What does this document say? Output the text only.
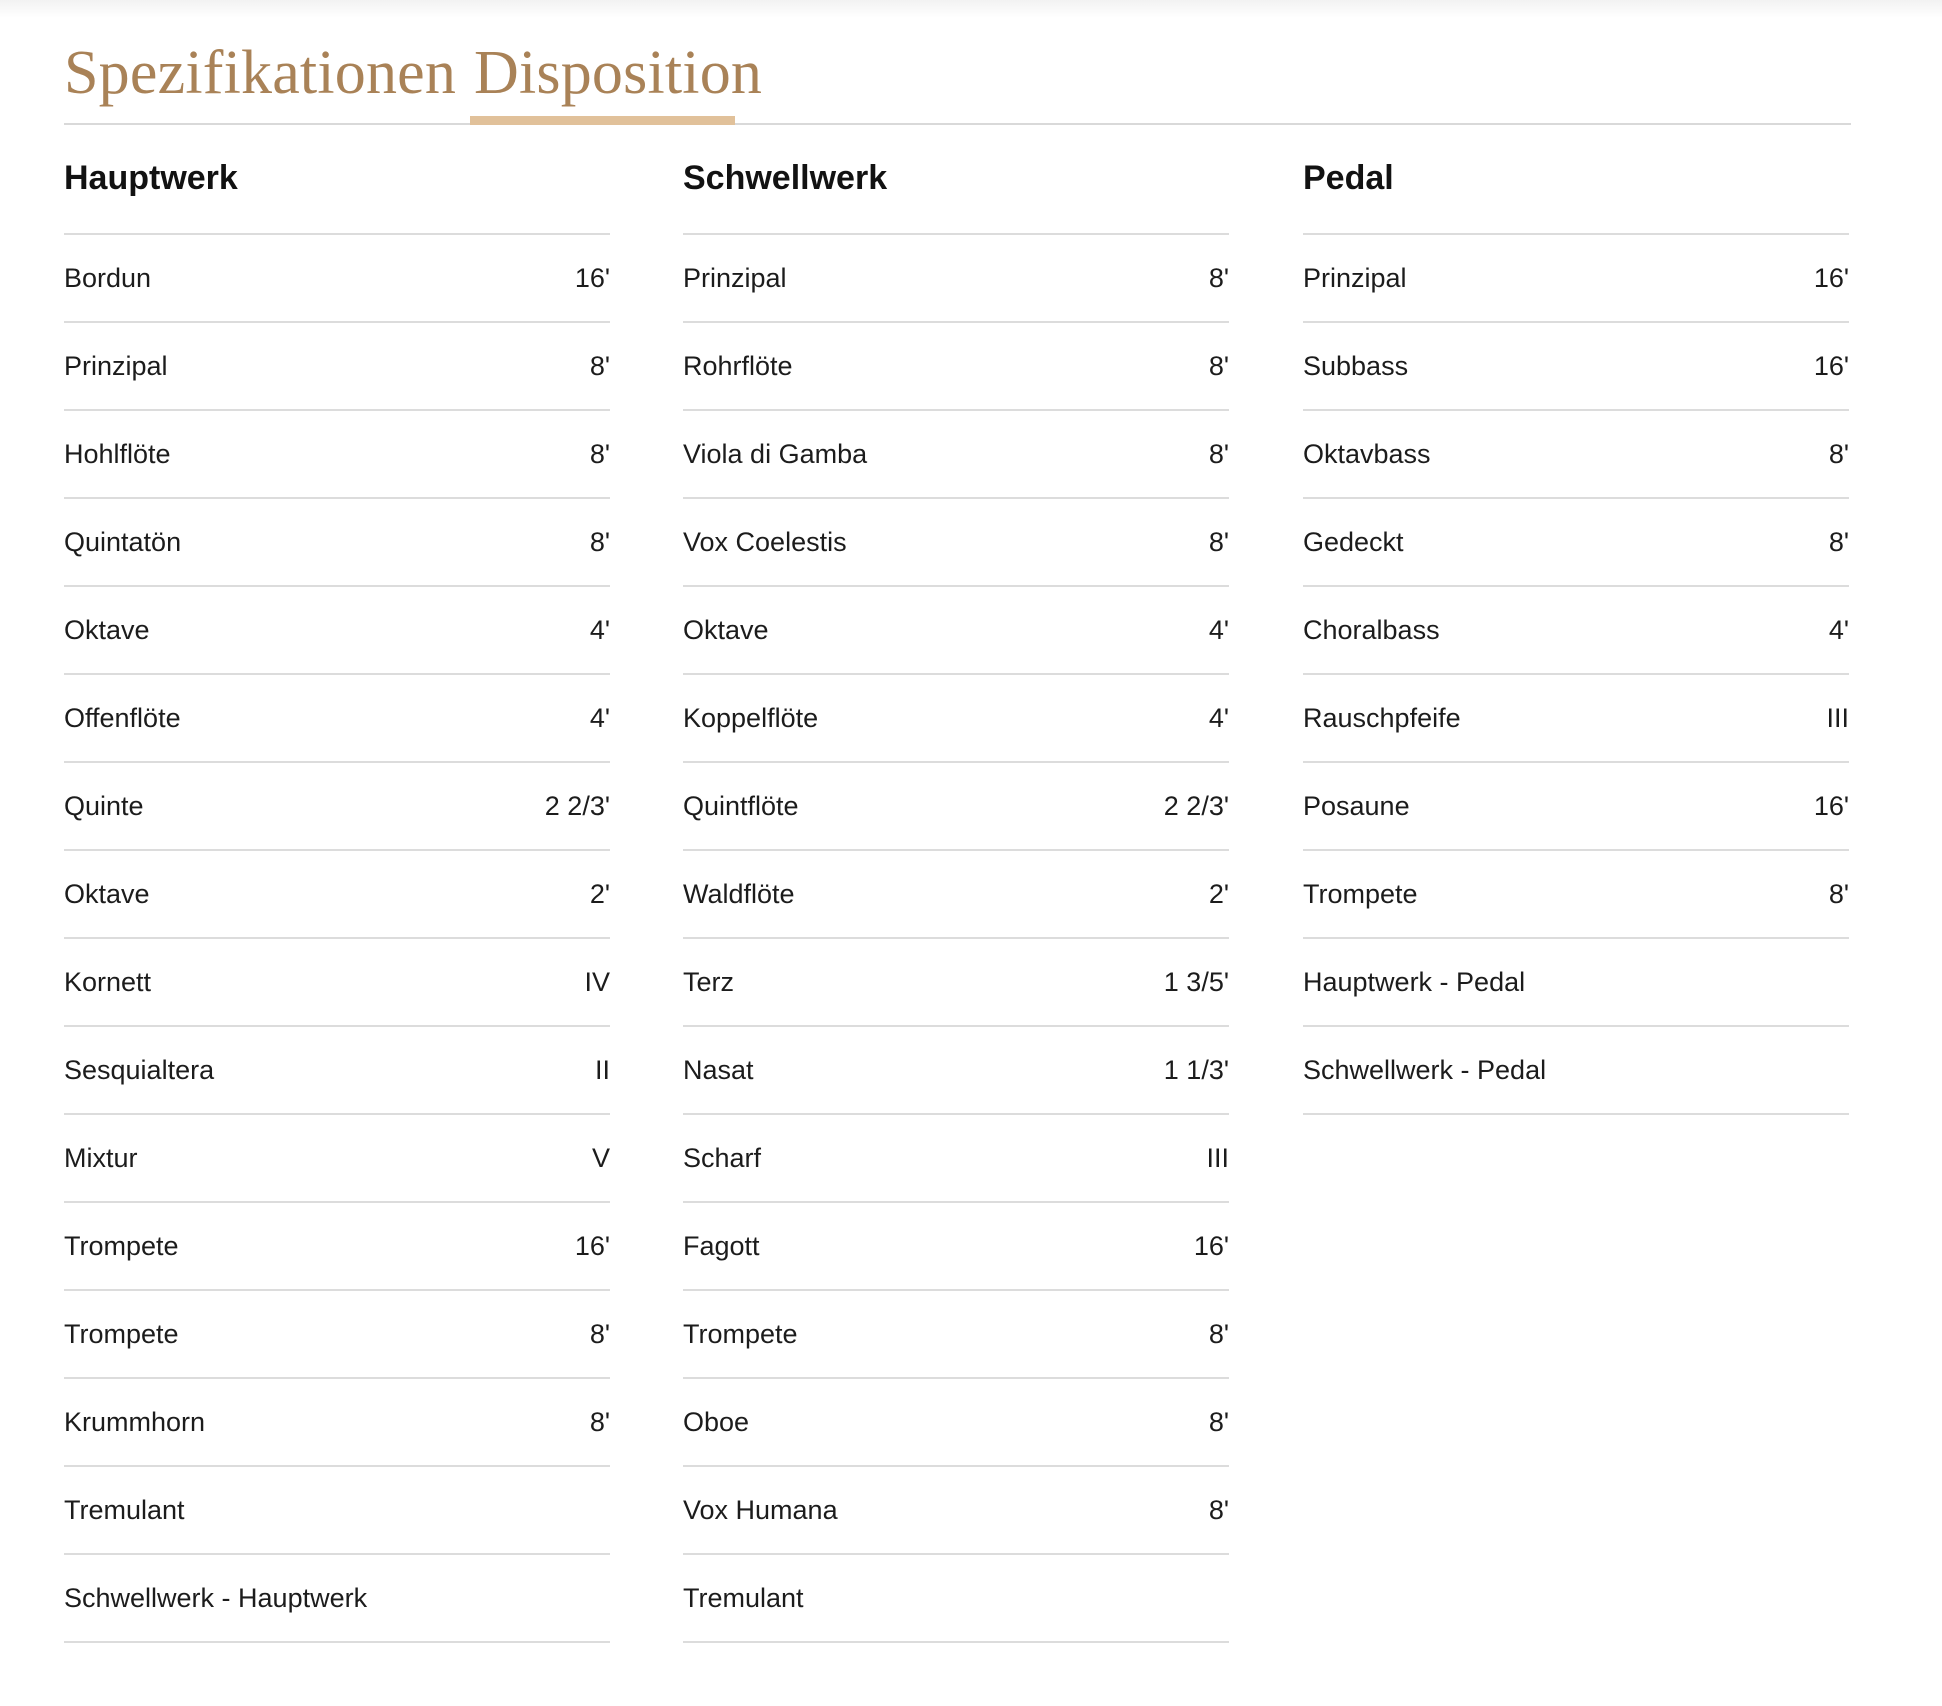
Spezifikationen Disposition
Hauptwerk
Bordun	16'
Prinzipal	8'
Hohlflöte	8'
Quintatön	8'
Oktave	4'
Offenflöte	4'
Quinte	2 2/3'
Oktave	2'
Kornett	IV
Sesquialtera	II
Mixtur	V
Trompete	16'
Trompete	8'
Krummhorn	8'
Tremulant
Schwellwerk - Hauptwerk
Schwellwerk
Prinzipal	8'
Rohrflöte	8'
Viola di Gamba	8'
Vox Coelestis	8'
Oktave	4'
Koppelflöte	4'
Quintflöte	2 2/3'
Waldflöte	2'
Terz	1 3/5'
Nasat	1 1/3'
Scharf	III
Fagott	16'
Trompete	8'
Oboe	8'
Vox Humana	8'
Tremulant
Pedal
Prinzipal	16'
Subbass	16'
Oktavbass	8'
Gedeckt	8'
Choralbass	4'
Rauschpfeife	III
Posaune	16'
Trompete	8'
Hauptwerk - Pedal
Schwellwerk - Pedal
